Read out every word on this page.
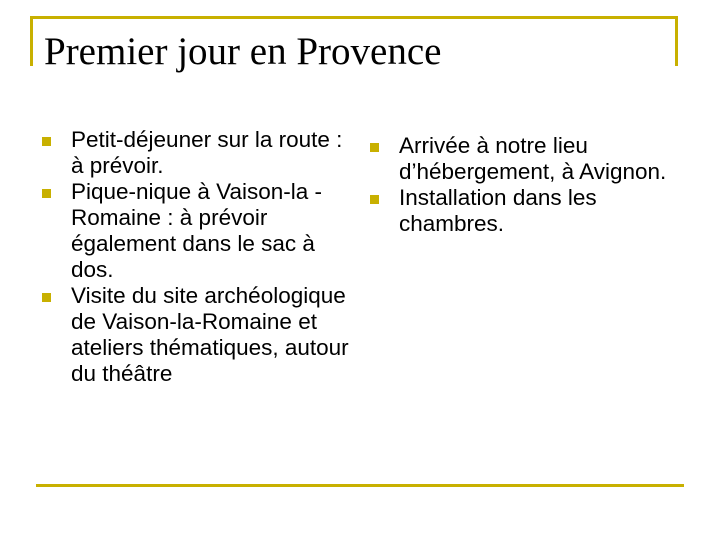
Premier jour en Provence
Petit-déjeuner sur la route : à prévoir.
Pique-nique à Vaison-la -Romaine : à prévoir également dans le sac à dos.
Visite du site archéologique de Vaison-la-Romaine et ateliers thématiques, autour du théâtre
Arrivée à notre lieu d’hébergement, à Avignon.
Installation dans les chambres.
